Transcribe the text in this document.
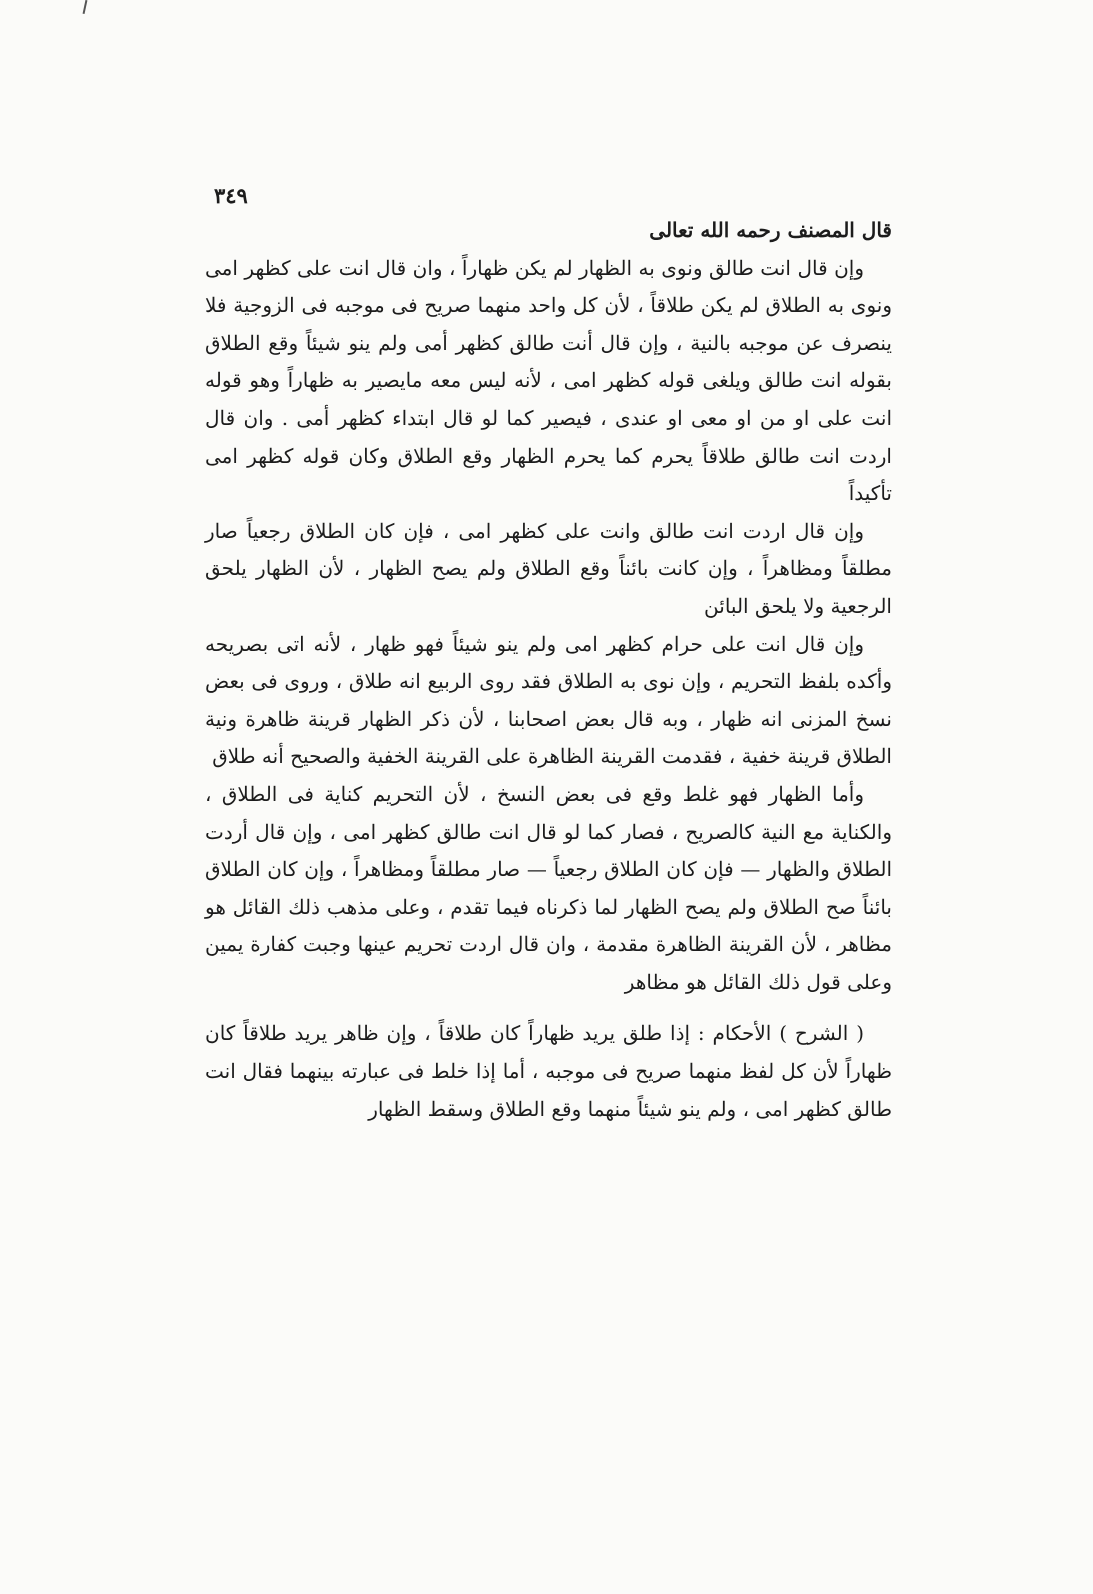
٣٤٩

قال المصنف رحمه الله تعالى

وإن قال انت طالق ونوى به الظهار لم يكن ظهاراً ، وان قال انت على كظهر امى ونوى به الطلاق لم يكن طلاقاً ، لأن كل واحد منهما صريح فى موجبه فى الزوجية فلا ينصرف عن موجبه بالنية ، وإن قال أنت طالق كظهر أمى ولم ينو شيئاً وقع الطلاق بقوله انت طالق ويلغى قوله كظهر امى ، لأنه ليس معه مايصير به ظهاراً وهو قوله انت على او من او معى او عندى ، فيصير كما لو قال ابتداء كظهر أمى . وان قال اردت انت طالق طلاقاً يحرم كما يحرم الظهار وقع الطلاق وكان قوله كظهر امى تأكيداً

وإن قال اردت انت طالق وانت على كظهر امى ، فإن كان الطلاق رجعياً صار مطلقاً ومظاهراً ، وإن كانت بائناً وقع الطلاق ولم يصح الظهار ، لأن الظهار يلحق الرجعية ولا يلحق البائن

وإن قال انت على حرام كظهر امى ولم ينو شيئاً فهو ظهار ، لأنه اتى بصريحه وأكده بلفظ التحريم ، وإن نوى به الطلاق فقد روى الربيع انه طلاق ، وروى فى بعض نسخ المزنى انه ظهار ، وبه قال بعض اصحابنا ، لأن ذكر الظهار قرينة ظاهرة ونية الطلاق قرينة خفية ، فقدمت القرينة الظاهرة على القرينة الخفية والصحيح أنه طلاق

وأما الظهار فهو غلط وقع فى بعض النسخ ، لأن التحريم كناية فى الطلاق ، والكناية مع النية كالصريح ، فصار كما لو قال انت طالق كظهر امى ، وإن قال أردت الطلاق والظهار — فإن كان الطلاق رجعياً — صار مطلقاً ومظاهراً ، وإن كان الطلاق بائناً صح الطلاق ولم يصح الظهار لما ذكرناه فيما تقدم ، وعلى مذهب ذلك القائل هو مظاهر ، لأن القرينة الظاهرة مقدمة ، وان قال اردت تحريم عينها وجبت كفارة يمين وعلى قول ذلك القائل هو مظاهر

( الشرح ) الأحكام : إذا طلق يريد ظهاراً كان طلاقاً ، وإن ظاهر يريد طلاقاً كان ظهاراً لأن كل لفظ منهما صريح فى موجبه ، أما إذا خلط فى عبارته بينهما فقال انت طالق كظهر امى ، ولم ينو شيئاً منهما وقع الطلاق وسقط الظهار
